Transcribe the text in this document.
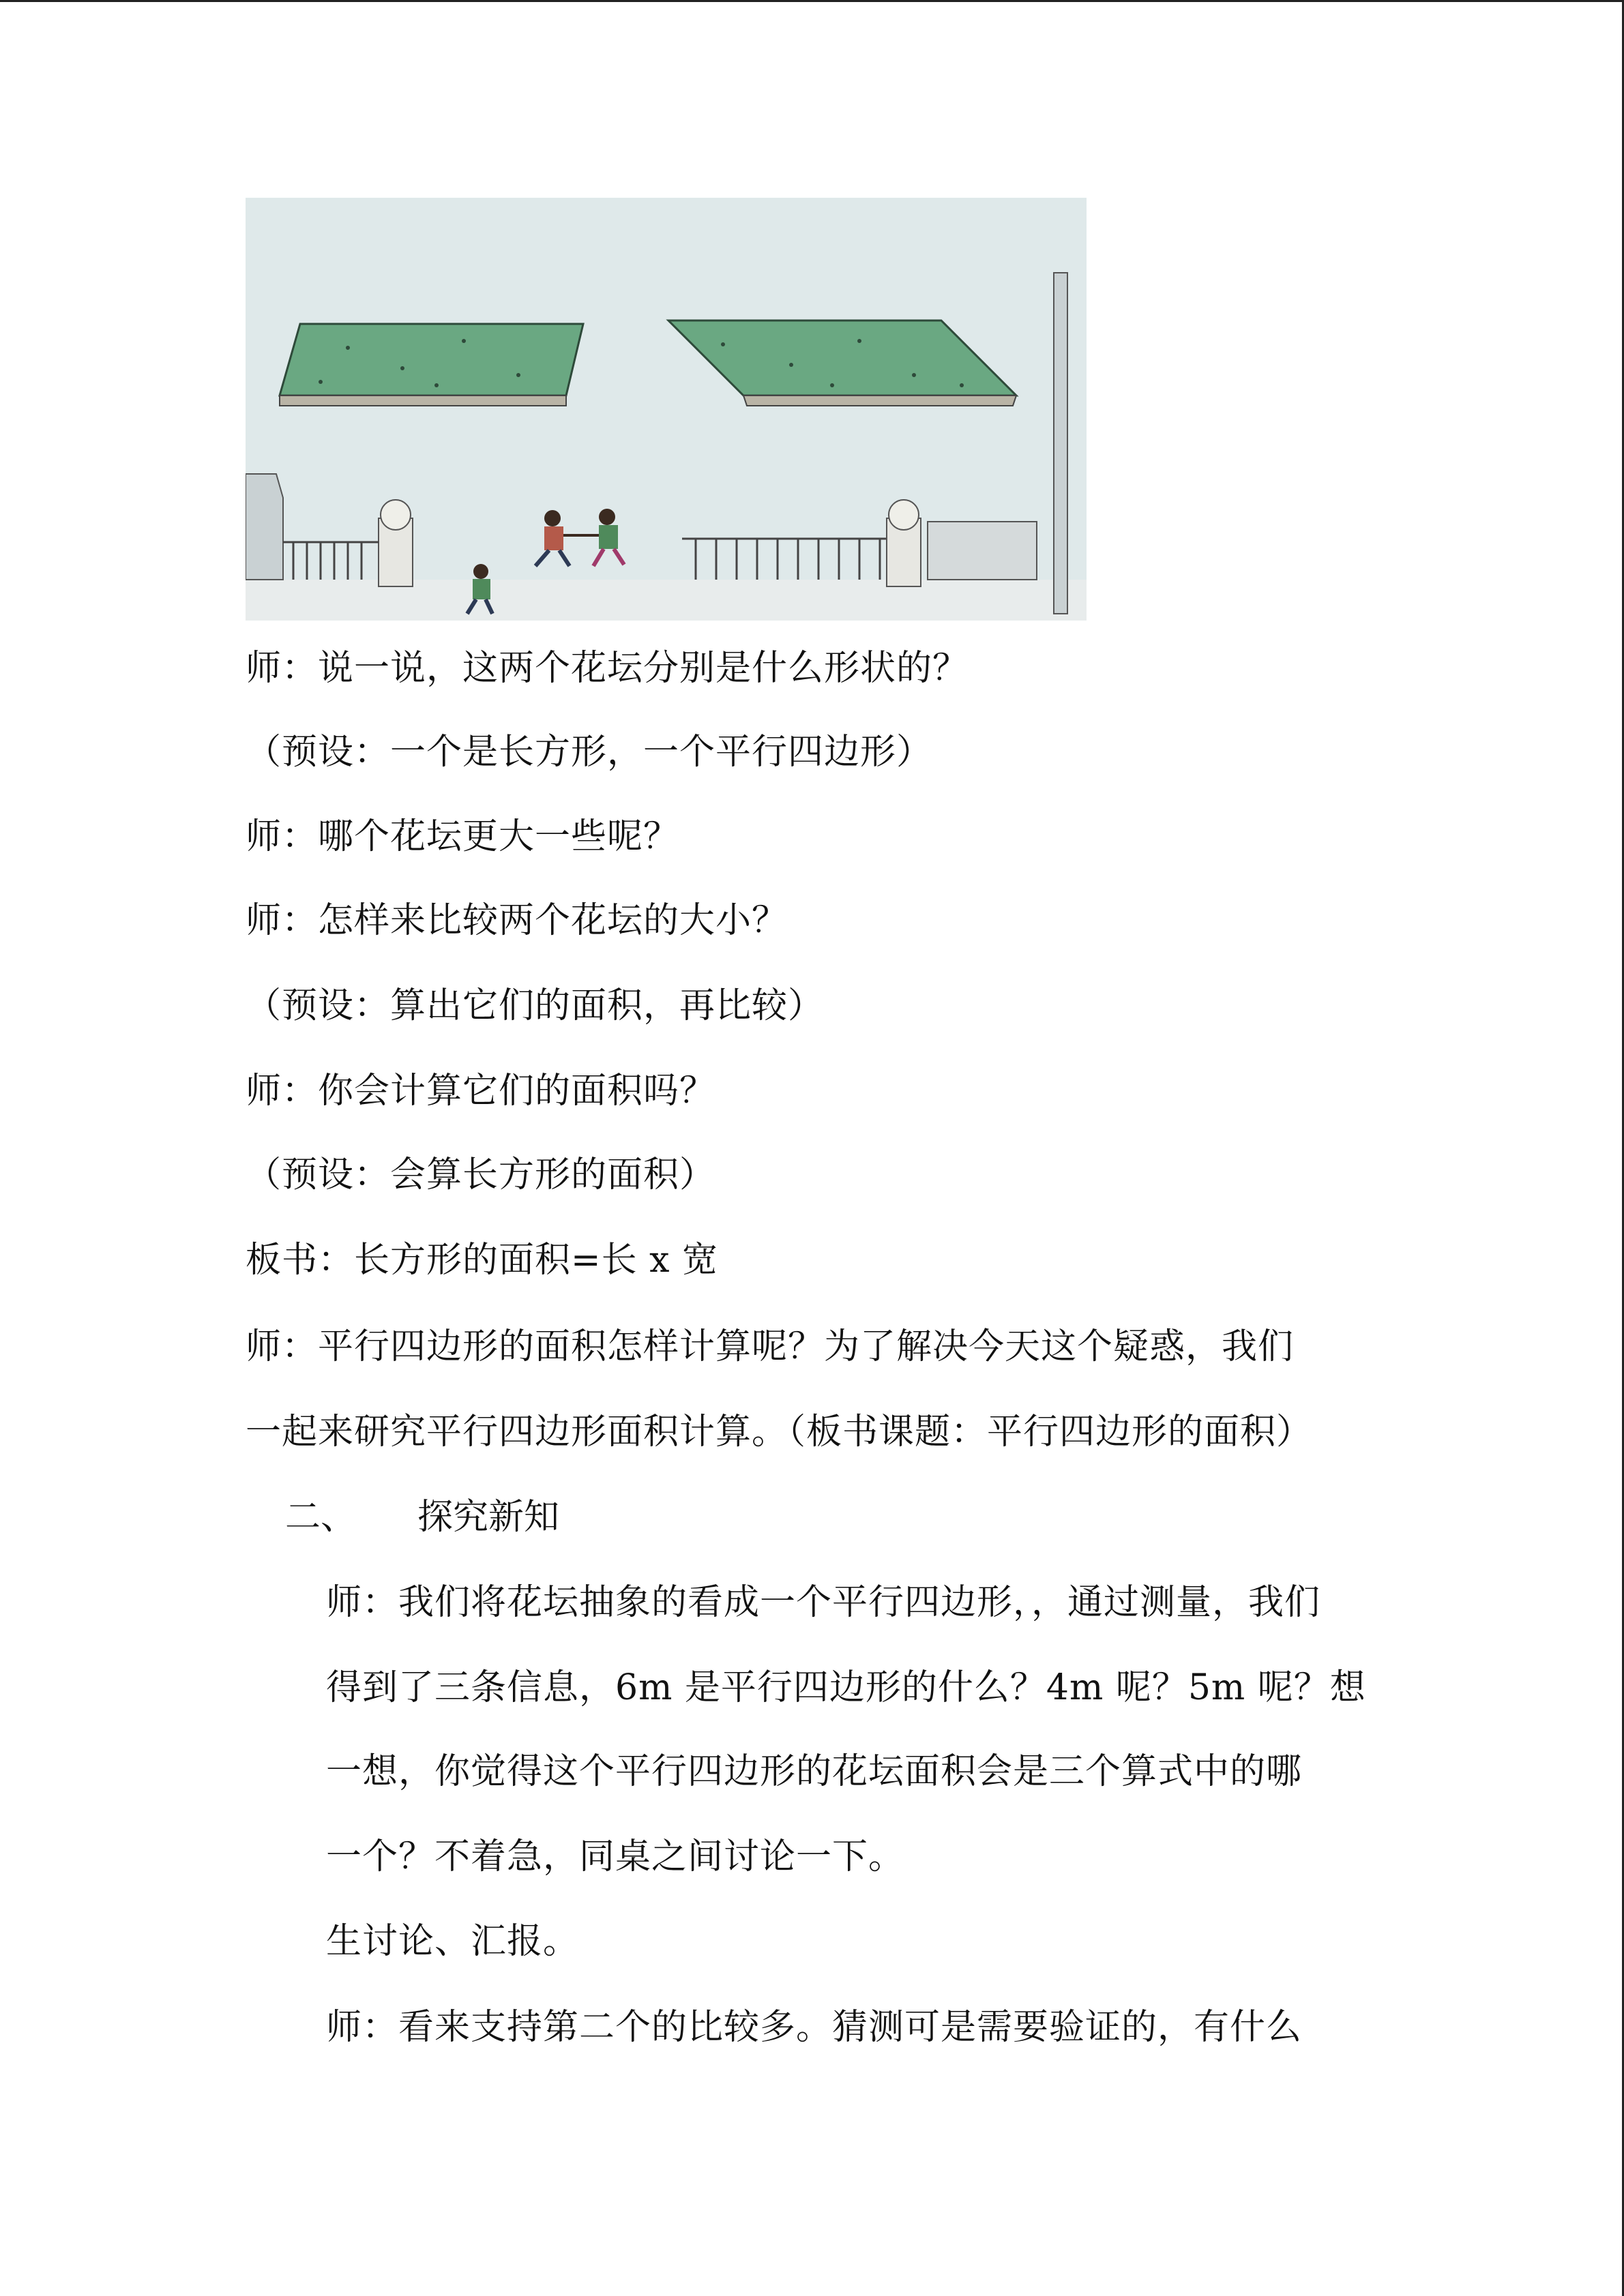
师：说一说，这两个花坛分别是什么形状的？
（预设：一个是长方形，一个平行四边形）
师：哪个花坛更大一些呢？
师：怎样来比较两个花坛的大小？
（预设：算出它们的面积，再比较）
师：你会计算它们的面积吗？
（预设：会算长方形的面积）
板书：长方形的面积=长 x 宽
师：平行四边形的面积怎样计算呢？为了解决今天这个疑惑，我们
一起来研究平行四边形面积计算。（板书课题：平行四边形的面积）
二、 探究新知
师：我们将花坛抽象的看成一个平行四边形，，通过测量，我们
得到了三条信息，6m 是平行四边形的什么？4m 呢？5m 呢？想
一想，你觉得这个平行四边形的花坛面积会是三个算式中的哪
一个？不着急，同桌之间讨论一下。
生讨论、汇报。
师：看来支持第二个的比较多。猜测可是需要验证的，有什么
